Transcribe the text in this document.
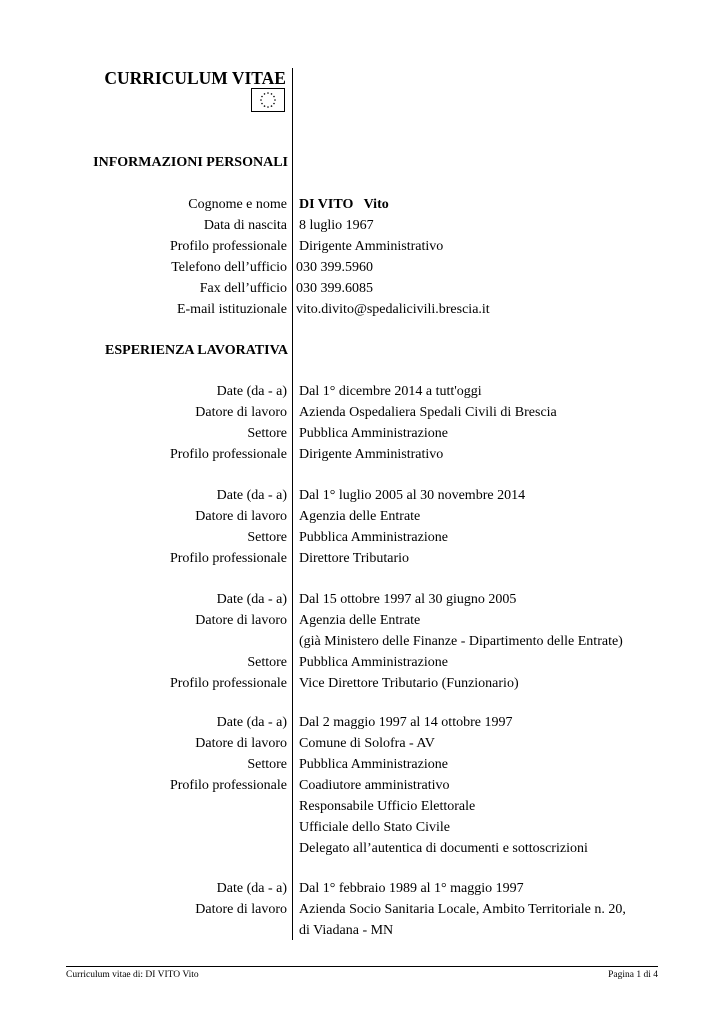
CURRICULUM VITAE
INFORMAZIONI PERSONALI
Cognome e nome DI VITO   Vito
Data di nascita 8 luglio 1967
Profilo professionale Dirigente Amministrativo
Telefono dell’ufficio 030 399.5960
Fax dell’ufficio 030 399.6085
E-mail istituzionale vito.divito@spedalicivili.brescia.it
ESPERIENZA LAVORATIVA
Date (da - a) Dal 1° dicembre 2014 a tutt'oggi
Datore di lavoro Azienda Ospedaliera Spedali Civili di Brescia
Settore Pubblica Amministrazione
Profilo professionale Dirigente Amministrativo
Date (da - a) Dal 1° luglio 2005 al 30 novembre 2014
Datore di lavoro Agenzia delle Entrate
Settore Pubblica Amministrazione
Profilo professionale Direttore Tributario
Date (da - a) Dal 15 ottobre 1997 al 30 giugno 2005
Datore di lavoro Agenzia delle Entrate
(già Ministero delle Finanze - Dipartimento delle Entrate)
Settore Pubblica Amministrazione
Profilo professionale Vice Direttore Tributario (Funzionario)
Date (da - a) Dal 2 maggio 1997 al 14 ottobre 1997
Datore di lavoro Comune di Solofra - AV
Settore Pubblica Amministrazione
Profilo professionale Coadiutore amministrativo
Responsabile Ufficio Elettorale
Ufficiale dello Stato Civile
Delegato all’autentica di documenti e sottoscrizioni
Date (da - a) Dal 1° febbraio 1989 al 1° maggio 1997
Datore di lavoro Azienda Socio Sanitaria Locale, Ambito Territoriale n. 20,
di Viadana - MN
Curriculum vitae di: DI VITO Vito	Pagina 1 di 4
